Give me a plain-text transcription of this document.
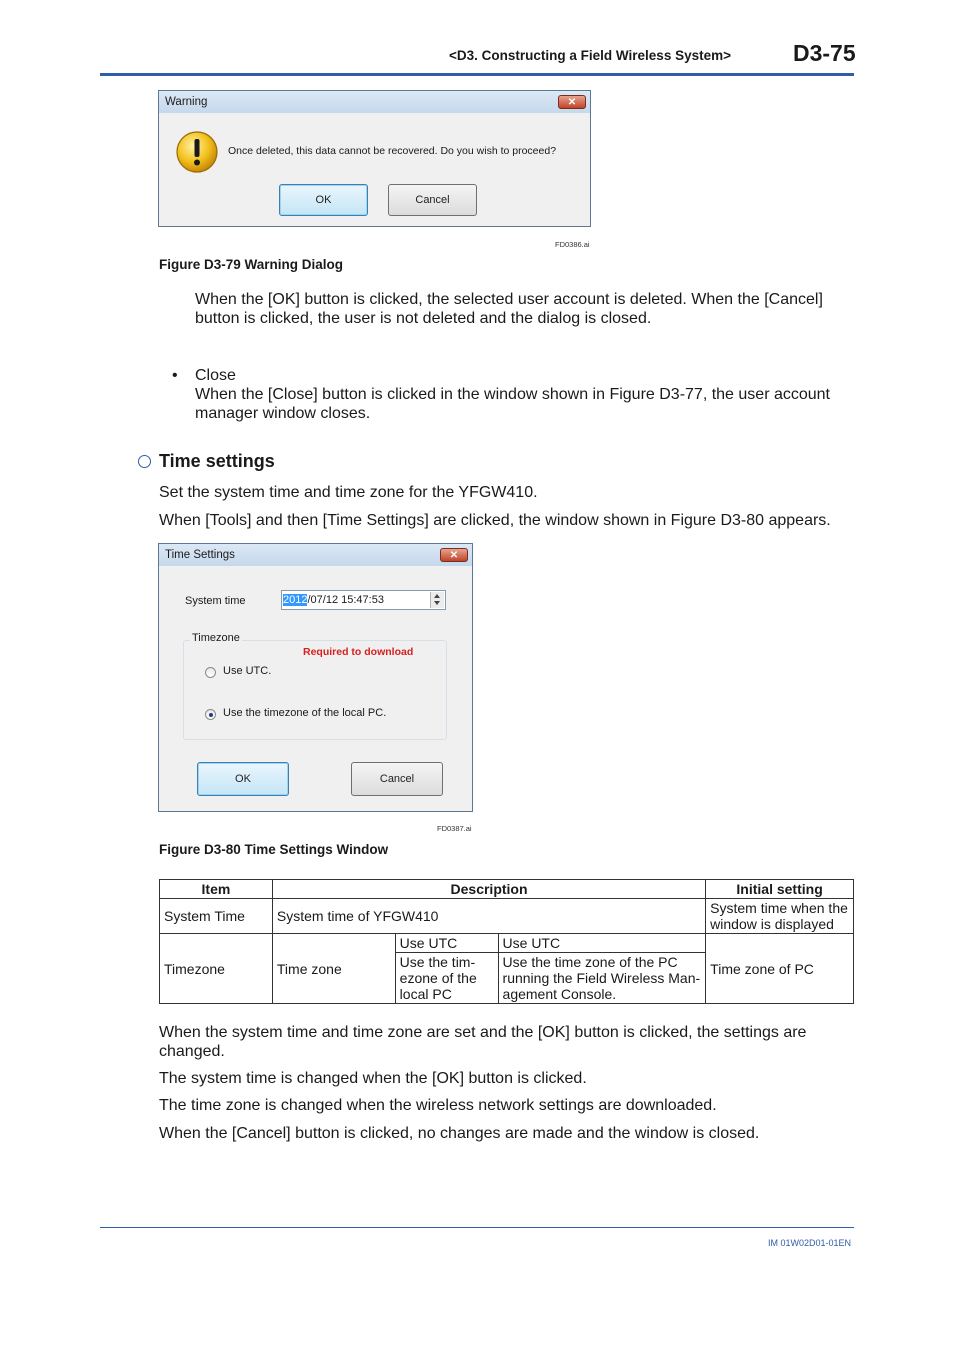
<D3. Constructing a Field Wireless System>	D3-75
Warning	✕
Once deleted, this data cannot be recovered. Do you wish to proceed?
OK	Cancel
FD0386.ai
Figure D3-79 Warning Dialog
When the [OK] button is clicked, the selected user account is deleted. When the [Cancel] button is clicked, the user is not deleted and the dialog is closed.
• Close
When the [Close] button is clicked in the window shown in Figure D3-77, the user account manager window closes.
Time settings
Set the system time and time zone for the YFGW410.
When [Tools] and then [Time Settings] are clicked, the window shown in Figure D3-80 appears.
Time Settings	✕
System time	2012/07/12 15:47:53
Timezone
Required to download
Use UTC.
Use the timezone of the local PC.
OK	Cancel
FD0387.ai
Figure D3-80 Time Settings Window
Item	Description			Initial setting
System Time	System time of YFGW410			System time when the window is displayed
Timezone	Time zone	Use UTC	Use UTC	Time zone of PC
		Use the tim-ezone of the local PC	Use the time zone of the PC running the Field Wireless Man-agement Console.	
When the system time and time zone are set and the [OK] button is clicked, the settings are changed.
The system time is changed when the [OK] button is clicked.
The time zone is changed when the wireless network settings are downloaded.
When the [Cancel] button is clicked, no changes are made and the window is closed.
IM 01W02D01-01EN
